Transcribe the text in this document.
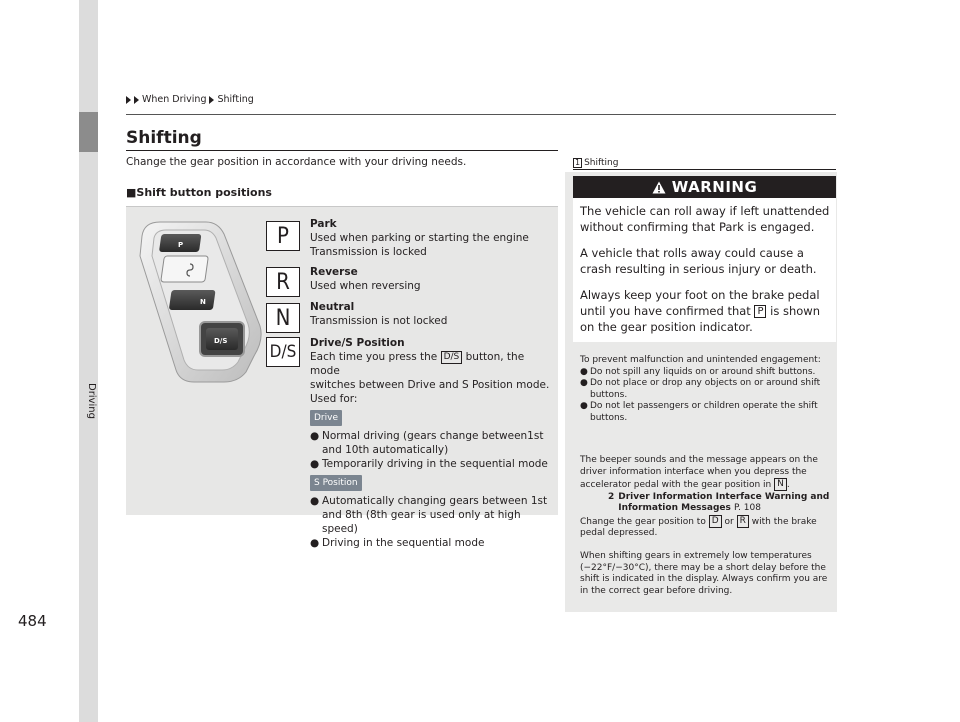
Driving
484
When Driving Shifting
Shifting
Change the gear position in accordance with your driving needs.
■Shift button positions
P
N
D/S
P
R
N
D/S
Park
Used when parking or starting the engine
Transmission is locked
Reverse
Used when reversing
Neutral
Transmission is not locked
Drive/S Position
Each time you press the D/S button, the mode
switches between Drive and S Position mode.
Used for:
Drive
● Normal driving (gears change between1st and 10th automatically)
● Temporarily driving in the sequential mode
S Position
● Automatically changing gears between 1st and 8th (8th gear is used only at high speed)
● Driving in the sequential mode
1 Shifting
WARNING
The vehicle can roll away if left unattended without confirming that Park is engaged.
A vehicle that rolls away could cause a crash resulting in serious injury or death.
Always keep your foot on the brake pedal until you have confirmed that P is shown on the gear position indicator.
To prevent malfunction and unintended engagement:
● Do not spill any liquids on or around shift buttons.
● Do not place or drop any objects on or around shift buttons.
● Do not let passengers or children operate the shift buttons.
The beeper sounds and the message appears on the driver information interface when you depress the accelerator pedal with the gear position in N .
2 Driver Information Interface Warning and Information Messages P. 108
Change the gear position to D or R with the brake pedal depressed.
When shifting gears in extremely low temperatures (−22°F/−30°C), there may be a short delay before the shift is indicated in the display. Always confirm you are in the correct gear before driving.
